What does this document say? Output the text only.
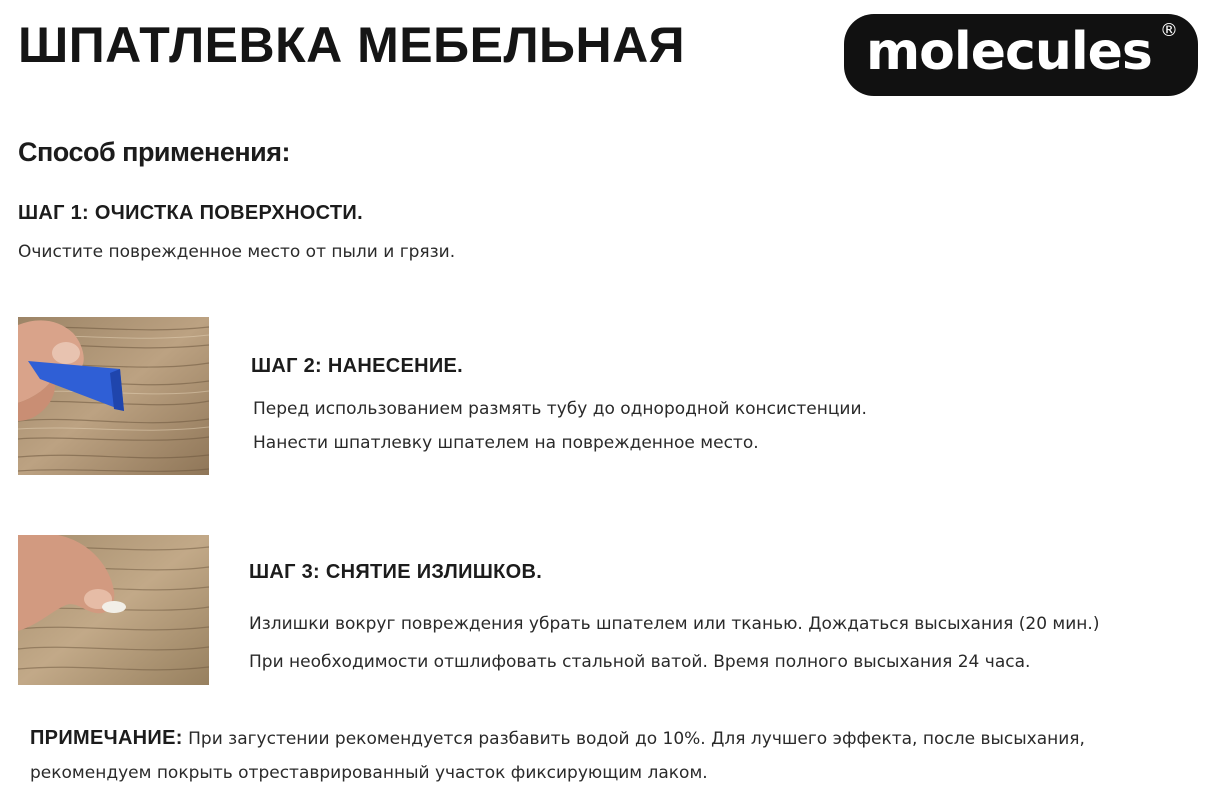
ШПАТЛЕВКА МЕБЕЛЬНАЯ	molecules ®
Способ применения:
ШАГ 1: ОЧИСТКА ПОВЕРХНОСТИ.

Очистите поврежденное место от пыли и грязи.

ШАГ 2: НАНЕСЕНИЕ.

Перед использованием размять тубу до однородной консистенции.

Нанести шпатлевку шпателем на поврежденное место.

ШАГ 3: СНЯТИЕ ИЗЛИШКОВ.

Излишки вокруг повреждения убрать шпателем или тканью. Дождаться высыхания (20 мин.)

При необходимости отшлифовать стальной ватой. Время полного высыхания 24 часа.

ПРИМЕЧАНИЕ: При загустении рекомендуется разбавить водой до 10%. Для лучшего эффекта, после высыхания,
рекомендуем покрыть отреставрированный участок фиксирующим лаком.
